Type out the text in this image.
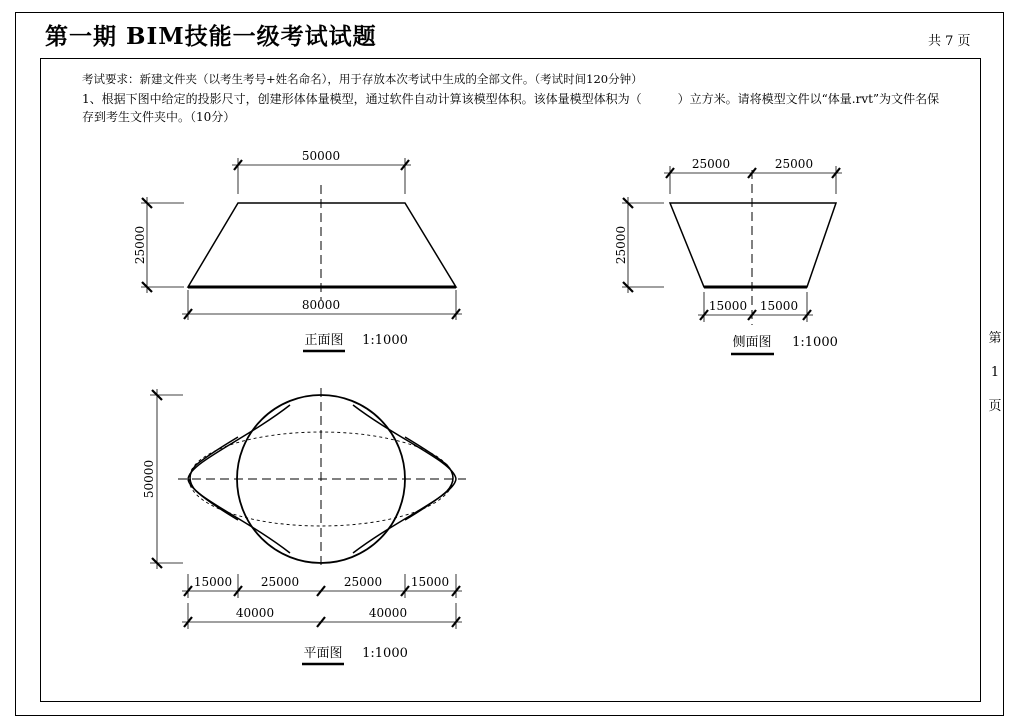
第一期 BIM技能一级考试试题	共 7 页
第
1
页
考试要求：新建文件夹（以考生考号+姓名命名），用于存放本次考试中生成的全部文件。（考试时间120分钟）
1、根据下图中给定的投影尺寸，创建形体体量模型，通过软件自动计算该模型体积。该体量模型体积为（　　　）立方米。请将模型文件以“体量.rvt”为文件名保存到考生文件夹中。（10分）
50000
80000
25000
正面图 1:1000
25000	25000
15000 15000
25000
侧面图 1:1000
50000
15000 25000	25000 15000
40000	40000
平面图 1:1000
